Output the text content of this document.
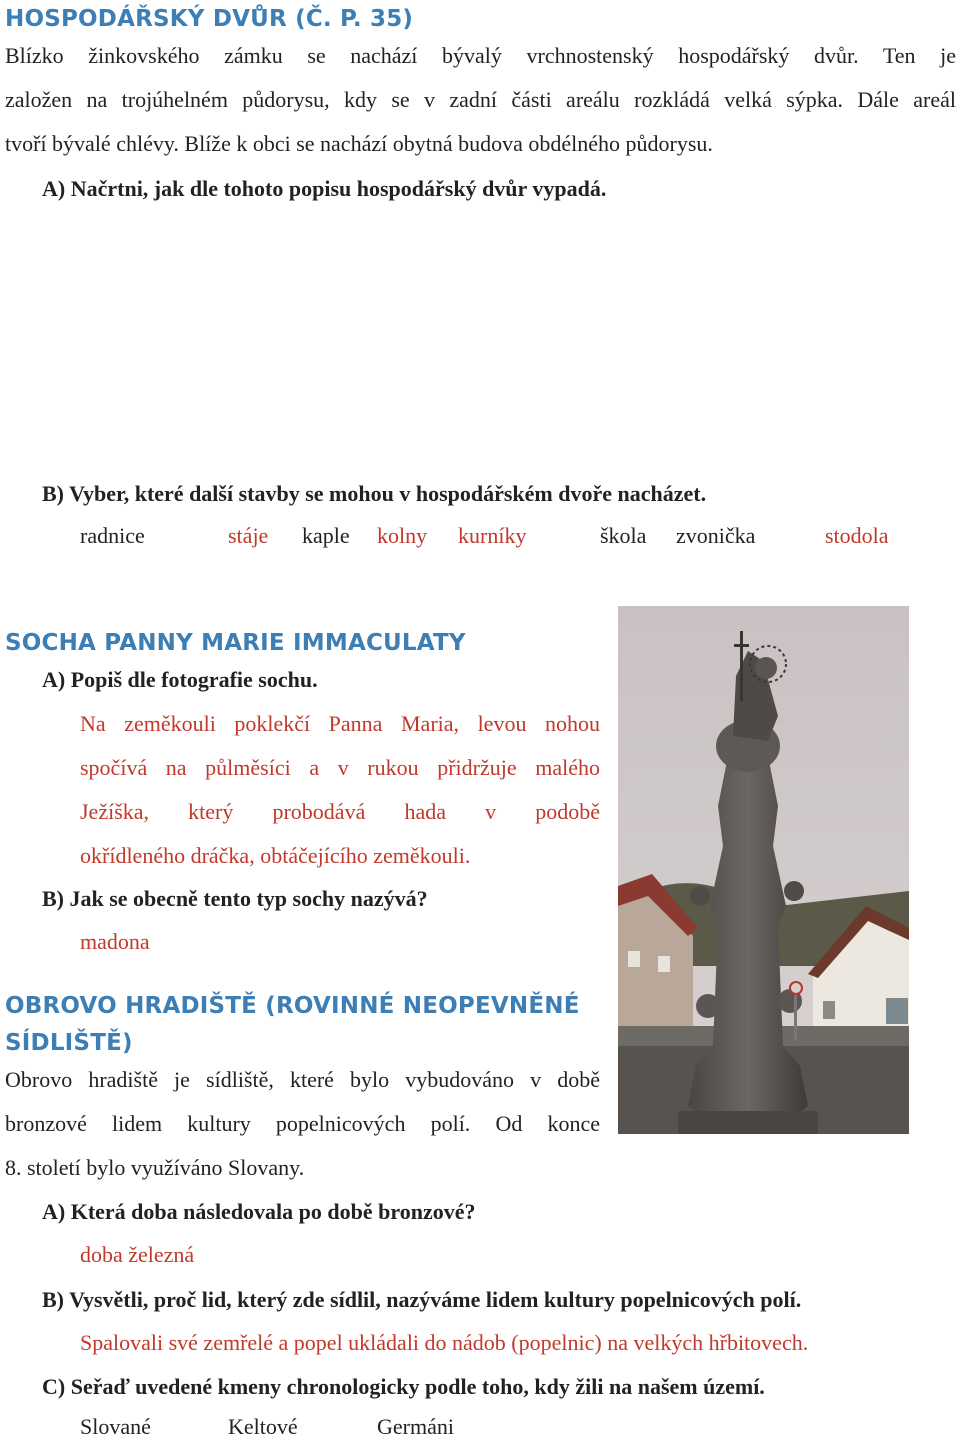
HOSPODÁŘSKÝ DVŮR (Č. P. 35)
Blízko žinkovského zámku se nachází bývalý vrchnostenský hospodářský dvůr. Ten je
založen na trojúhelném půdorysu, kdy se v zadní části areálu rozkládá velká sýpka. Dále areál
tvoří bývalé chlévy. Blíže k obci se nachází obytná budova obdélného půdorysu.
A) Načrtni, jak dle tohoto popisu hospodářský dvůr vypadá.
B) Vyber, které další stavby se mohou v hospodářském dvoře nacházet.
radnice	stáje kaple kolny kurníky	škola zvonička	stodola
SOCHA PANNY MARIE IMMACULATY
A) Popiš dle fotografie sochu.
Na zeměkouli poklekčí Panna Maria, levou nohou
spočívá na půlměsíci a v rukou přidržuje malého
Ježíška, který probodává hada v podobě
okřídleného dráčka, obtáčejícího zeměkouli.
B) Jak se obecně tento typ sochy nazývá?
madona
OBROVO HRADIŠTĚ (ROVINNÉ NEOPEVNĚNÉ
SÍDLIŠTĚ)
Obrovo hradiště je sídliště, které bylo vybudováno v době
bronzové lidem kultury popelnicových polí. Od konce
8. století bylo využíváno Slovany.
A) Která doba následovala po době bronzové?
doba železná
B) Vysvětli, proč lid, který zde sídlil, nazýváme lidem kultury popelnicových polí.
Spalovali své zemřelé a popel ukládali do nádob (popelnic) na velkých hřbitovech.
C) Seřaď uvedené kmeny chronologicky podle toho, kdy žili na našem území.
Slované	Keltové	Germáni
